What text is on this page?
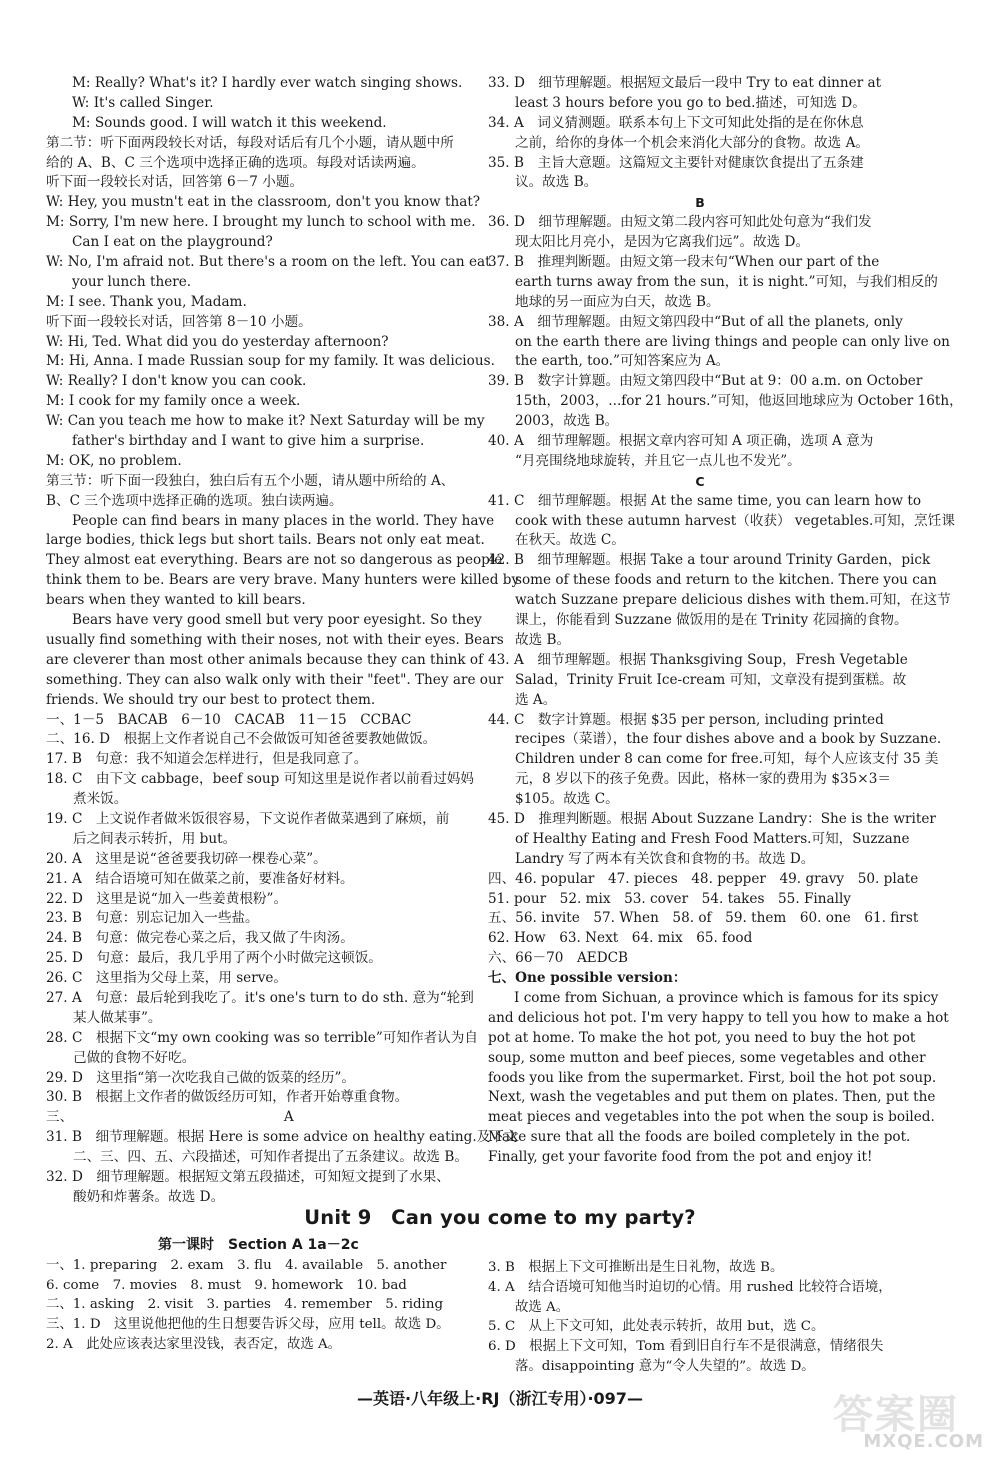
M: Really? What's it? I hardly ever watch singing shows.
W: It's called Singer.
M: Sounds good. I will watch it this weekend.
第二节：听下面两段较长对话，每段对话后有几个小题，请从题中所
给的 A、B、C 三个选项中选择正确的选项。每段对话读两遍。
听下面一段较长对话，回答第 6－7 小题。
W: Hey, you mustn't eat in the classroom, don't you know that?
M: Sorry, I'm new here. I brought my lunch to school with me.
Can I eat on the playground?
W: No, I'm afraid not. But there's a room on the left. You can eat
your lunch there.
M: I see. Thank you, Madam.
听下面一段较长对话，回答第 8－10 小题。
W: Hi, Ted. What did you do yesterday afternoon?
M: Hi, Anna. I made Russian soup for my family. It was delicious.
W: Really? I don't know you can cook.
M: I cook for my family once a week.
W: Can you teach me how to make it? Next Saturday will be my
father's birthday and I want to give him a surprise.
M: OK, no problem.
第三节：听下面一段独白，独白后有五个小题，请从题中所给的 A、
B、C 三个选项中选择正确的选项。独白读两遍。
People can find bears in many places in the world. They have
large bodies, thick legs but short tails. Bears not only eat meat.
They almost eat everything. Bears are not so dangerous as people
think them to be. Bears are very brave. Many hunters were killed by
bears when they wanted to kill bears.
Bears have very good smell but very poor eyesight. So they
usually find something with their noses, not with their eyes. Bears
are cleverer than most other animals because they can think of
something. They can also walk only with their "feet". They are our
friends. We should try our best to protect them.
一、1－5　BACAB　6－10　CACAB　11－15　CCBAC
二、16. D　根据上文作者说自己不会做饭可知爸爸要教她做饭。
17. B　句意：我不知道会怎样进行，但是我同意了。
18. C　由下文 cabbage，beef soup 可知这里是说作者以前看过妈妈
煮米饭。
19. C　上文说作者做米饭很容易，下文说作者做菜遇到了麻烦，前
后之间表示转折，用 but。
20. A　这里是说“爸爸要我切碎一棵卷心菜”。
21. A　结合语境可知在做菜之前，要准备好材料。
22. D　这里是说“加入一些姜黄根粉”。
23. B　句意：别忘记加入一些盐。
24. B　句意：做完卷心菜之后，我又做了牛肉汤。
25. D　句意：最后，我几乎用了两个小时做完这顿饭。
26. C　这里指为父母上菜，用 serve。
27. A　句意：最后轮到我吃了。it's one's turn to do sth. 意为“轮到
某人做某事”。
28. C　根据下文“my own cooking was so terrible”可知作者认为自
己做的食物不好吃。
29. D　这里指“第一次吃我自己做的饭菜的经历”。
30. B　根据上文作者的做饭经历可知，作者开始尊重食物。
三、　　　　　　　　　　　　　　　　A
31. B　细节理解题。根据 Here is some advice on healthy eating.及下文
二、三、四、五、六段描述，可知作者提出了五条建议。故选 B。
32. D　细节理解题。根据短文第五段描述，可知短文提到了水果、
酸奶和炸薯条。故选 D。
33. D　细节理解题。根据短文最后一段中 Try to eat dinner at
least 3 hours before you go to bed.描述，可知选 D。
34. A　词义猜测题。联系本句上下文可知此处指的是在你休息
之前，给你的身体一个机会来消化大部分的食物。故选 A。
35. B　主旨大意题。这篇短文主要针对健康饮食提出了五条建
议。故选 B。
B
36. D　细节理解题。由短文第二段内容可知此处句意为“我们发
现太阳比月亮小，是因为它离我们远”。故选 D。
37. B　推理判断题。由短文第一段末句“When our part of the
earth turns away from the sun，it is night.”可知，与我们相反的
地球的另一面应为白天，故选 B。
38. A　细节理解题。由短文第四段中“But of all the planets, only
on the earth there are living things and people can only live on
the earth, too.”可知答案应为 A。
39. B　数字计算题。由短文第四段中“But at 9：00 a.m. on October
15th，2003，...for 21 hours.”可知，他返回地球应为 October 16th，
2003，故选 B。
40. A　细节理解题。根据文章内容可知 A 项正确，选项 A 意为
“月亮围绕地球旋转，并且它一点儿也不发光”。
C
41. C　细节理解题。根据 At the same time, you can learn how to
cook with these autumn harvest（收获） vegetables.可知，烹饪课
在秋天。故选 C。
42. B　细节理解题。根据 Take a tour around Trinity Garden，pick
some of these foods and return to the kitchen. There you can
watch Suzzane prepare delicious dishes with them.可知，在这节
课上，你能看到 Suzzane 做饭用的是在 Trinity 花园摘的食物。
故选 B。
43. A　细节理解题。根据 Thanksgiving Soup，Fresh Vegetable
Salad，Trinity Fruit Ice-cream 可知，文章没有提到蛋糕。故
选 A。
44. C　数字计算题。根据 $35 per person, including printed
recipes（菜谱），the four dishes above and a book by Suzzane.
Children under 8 can come for free.可知，每个人应该支付 35 美
元，8 岁以下的孩子免费。因此，格林一家的费用为 $35×3＝
$105。故选 C。
45. D　推理判断题。根据 About Suzzane Landry：She is the writer
of Healthy Eating and Fresh Food Matters.可知，Suzzane
Landry 写了两本有关饮食和食物的书。故选 D。
四、46. popular　47. pieces　48. pepper　49. gravy　50. plate
51. pour　52. mix　53. cover　54. takes　55. Finally
五、56. invite　57. When　58. of　59. them　60. one　61. first
62. How　63. Next　64. mix　65. food
六、66－70　AEDCB
七、One possible version：
I come from Sichuan, a province which is famous for its spicy
and delicious hot pot. I'm very happy to tell you how to make a hot
pot at home. To make the hot pot, you need to buy the hot pot
soup, some mutton and beef pieces, some vegetables and other
foods you like from the supermarket. First, boil the hot pot soup.
Next, wash the vegetables and put them on plates. Then, put the
meat pieces and vegetables into the pot when the soup is boiled.
Make sure that all the foods are boiled completely in the pot.
Finally, get your favorite food from the pot and enjoy it!
Unit 9　Can you come to my party?
第一课时　Section A 1a－2c
一、1. preparing　2. exam　3. flu　4. available　5. another
6. come　7. movies　8. must　9. homework　10. bad
二、1. asking　2. visit　3. parties　4. remember　5. riding
三、1. D　这里说他把他的生日想要告诉父母，应用 tell。故选 D。
2. A　此处应该表达家里没钱，表否定，故选 A。
3. B　根据上下文可推断出是生日礼物，故选 B。
4. A　结合语境可知他当时迫切的心情。用 rushed 比较符合语境，
故选 A。
5. C　从上下文可知，此处表示转折，故用 but，选 C。
6. D　根据上下文可知，Tom 看到旧自行车不是很满意，情绪很失
落。disappointing 意为“令人失望的”。故选 D。
—英语·八年级上·RJ（浙江专用）·097—	答案圈
MXQE.COM
